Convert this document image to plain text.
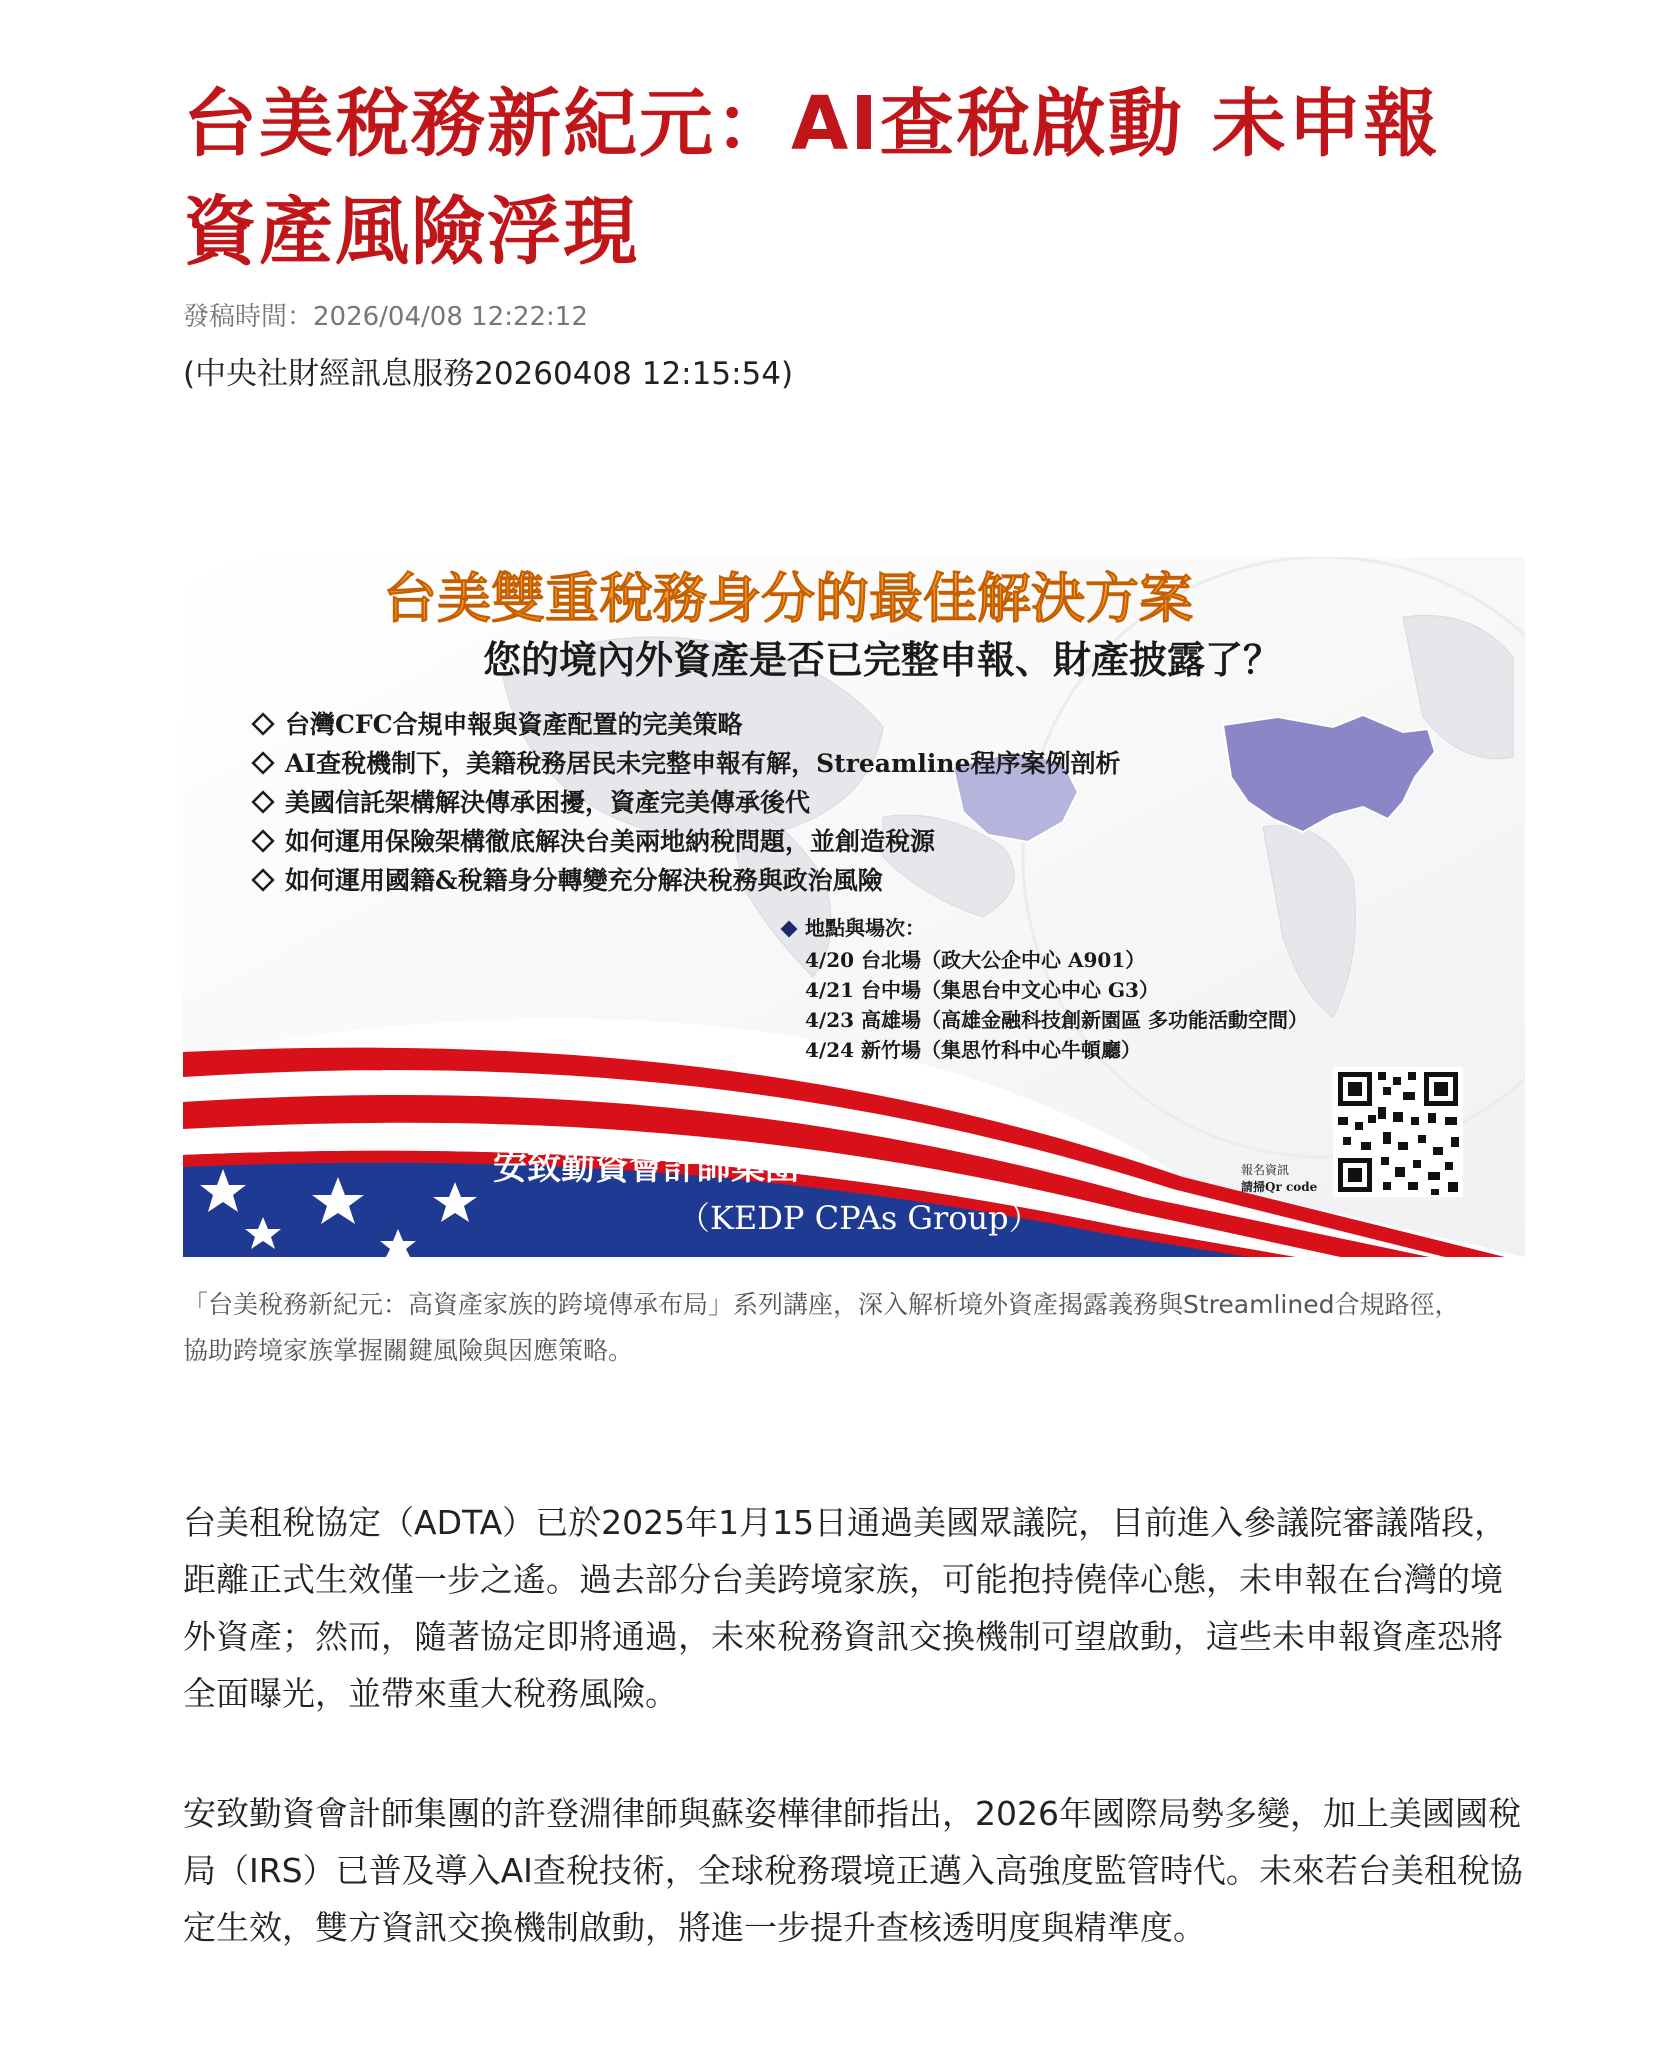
台美稅務新紀元：AI查稅啟動 未申報資產風險浮現
發稿時間：2026/04/08 12:22:12
(中央社財經訊息服務20260408 12:15:54)
台美雙重稅務身分的最佳解決方案
您的境內外資產是否已完整申報、財產披露了？
台灣CFC合規申報與資產配置的完美策略
AI查稅機制下，美籍稅務居民未完整申報有解，Streamline程序案例剖析
美國信託架構解決傳承困擾，資產完美傳承後代
如何運用保險架構徹底解決台美兩地納稅問題，並創造稅源
如何運用國籍&稅籍身分轉變充分解決稅務與政治風險
地點與場次：
4/20 台北場（政大公企中心 A901）
4/21 台中場（集思台中文心中心 G3）
4/23 高雄場（高雄金融科技創新園區 多功能活動空間）
4/24 新竹場（集思竹科中心牛頓廳）
安致勤資會計師集團
（KEDP CPAs Group）
報名資訊
請掃Qr code
「台美稅務新紀元：高資產家族的跨境傳承布局」系列講座，深入解析境外資產揭露義務與Streamlined合規路徑，協助跨境家族掌握關鍵風險與因應策略。

台美租稅協定（ADTA）已於2025年1月15日通過美國眾議院，目前進入參議院審議階段，距離正式生效僅一步之遙。過去部分台美跨境家族，可能抱持僥倖心態，未申報在台灣的境外資產；然而，隨著協定即將通過，未來稅務資訊交換機制可望啟動，這些未申報資產恐將全面曝光，並帶來重大稅務風險。

安致勤資會計師集團的許登淵律師與蘇姿樺律師指出，2026年國際局勢多變，加上美國國稅局（IRS）已普及導入AI查稅技術，全球稅務環境正邁入高強度監管時代。未來若台美租稅協定生效，雙方資訊交換機制啟動，將進一步提升查核透明度與精準度。
